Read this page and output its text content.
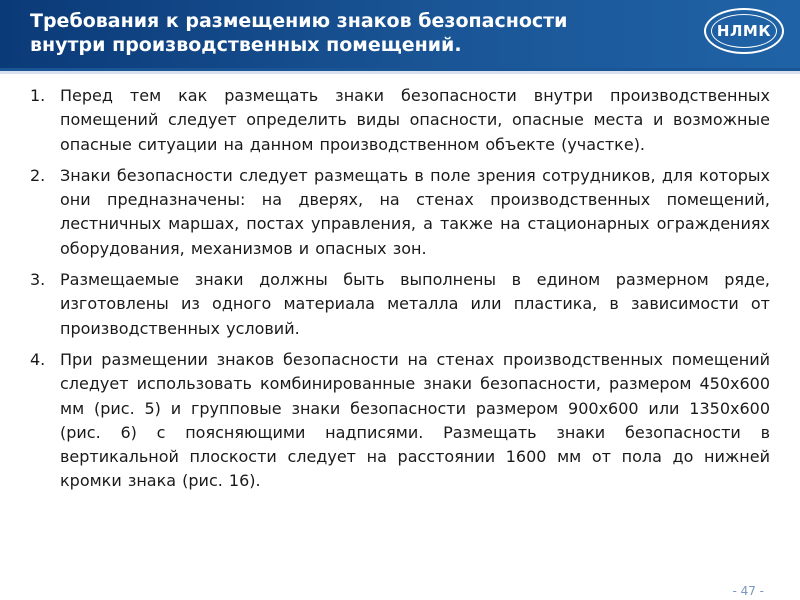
Требования к размещению знаков безопасности
внутри производственных помещений.
НЛМК
1. Перед тем как размещать знаки безопасности внутри производственных помещений следует определить виды опасности, опасные места и возможные опасные ситуации на данном производственном объекте (участке).
2. Знаки безопасности следует размещать в поле зрения сотрудников, для которых они предназначены: на дверях, на стенах производственных помещений, лестничных маршах, постах управления, а также на стационарных ограждениях оборудования, механизмов и опасных зон.
3. Размещаемые знаки должны быть выполнены в едином размерном ряде, изготовлены из одного материала металла или пластика, в зависимости от производственных условий.
4. При размещении знаков безопасности на стенах производственных помещений следует использовать комбинированные знаки безопасности, размером 450х600 мм (рис. 5) и групповые знаки безопасности размером 900х600 или 1350х600 (рис. 6) с поясняющими надписями. Размещать знаки безопасности в вертикальной плоскости следует на расстоянии 1600 мм от пола до нижней кромки знака (рис. 16).
- 47 -
